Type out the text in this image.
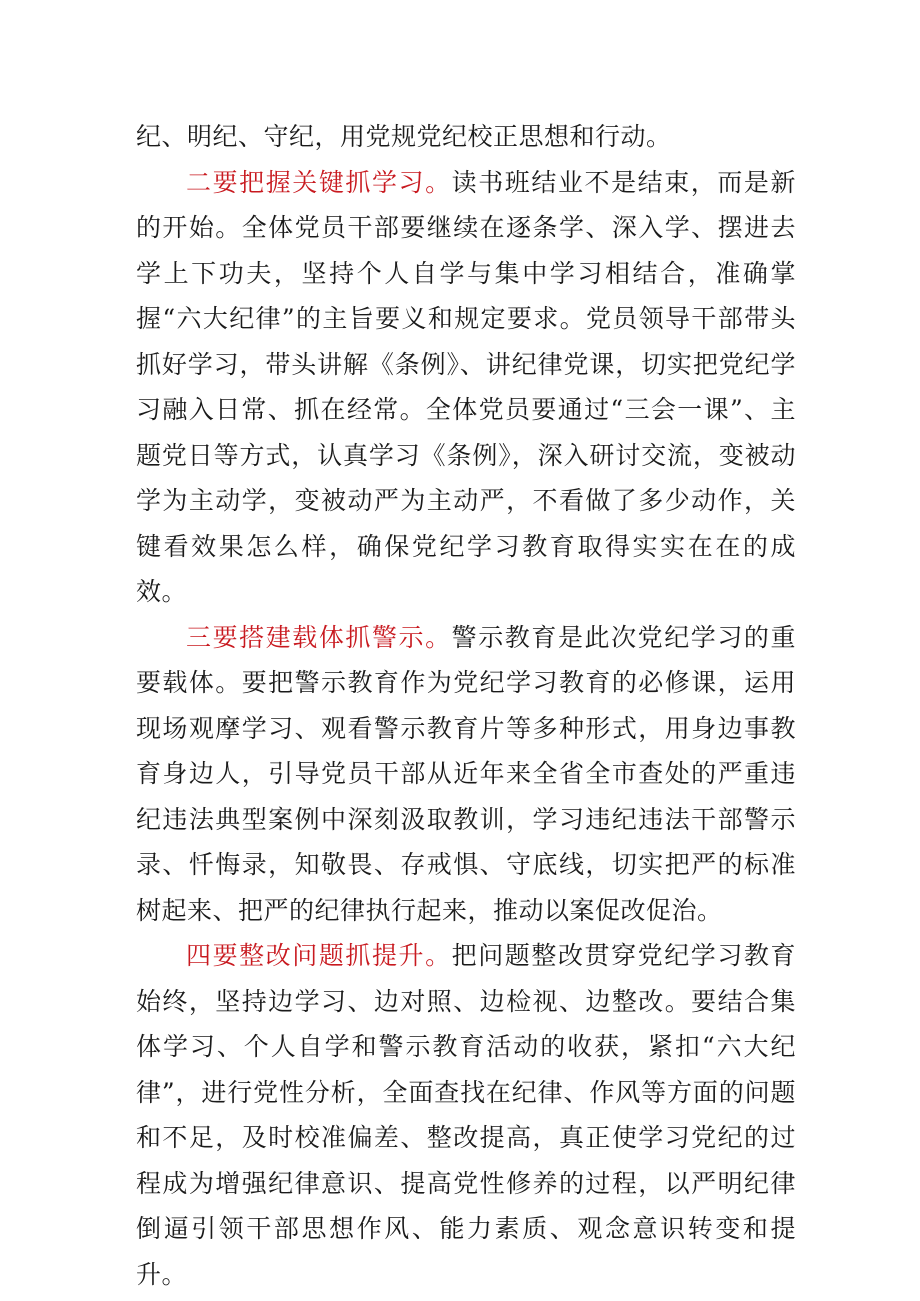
纪、明纪、守纪，用党规党纪校正思想和行动。

二要把握关键抓学习。读书班结业不是结束，而是新的开始。全体党员干部要继续在逐条学、深入学、摆进去学上下功夫，坚持个人自学与集中学习相结合，准确掌握“六大纪律”的主旨要义和规定要求。党员领导干部带头抓好学习，带头讲解《条例》、讲纪律党课，切实把党纪学习融入日常、抓在经常。全体党员要通过“三会一课”、主题党日等方式，认真学习《条例》，深入研讨交流，变被动学为主动学，变被动严为主动严，不看做了多少动作，关键看效果怎么样，确保党纪学习教育取得实实在在的成效。

三要搭建载体抓警示。警示教育是此次党纪学习的重要载体。要把警示教育作为党纪学习教育的必修课，运用现场观摩学习、观看警示教育片等多种形式，用身边事教育身边人，引导党员干部从近年来全省全市查处的严重违纪违法典型案例中深刻汲取教训，学习违纪违法干部警示录、忏悔录，知敬畏、存戒惧、守底线，切实把严的标准树起来、把严的纪律执行起来，推动以案促改促治。

四要整改问题抓提升。把问题整改贯穿党纪学习教育始终，坚持边学习、边对照、边检视、边整改。要结合集体学习、个人自学和警示教育活动的收获，紧扣“六大纪律”，进行党性分析，全面查找在纪律、作风等方面的问题和不足，及时校准偏差、整改提高，真正使学习党纪的过程成为增强纪律意识、提高党性修养的过程，以严明纪律倒逼引领干部思想作风、能力素质、观念意识转变和提升。
